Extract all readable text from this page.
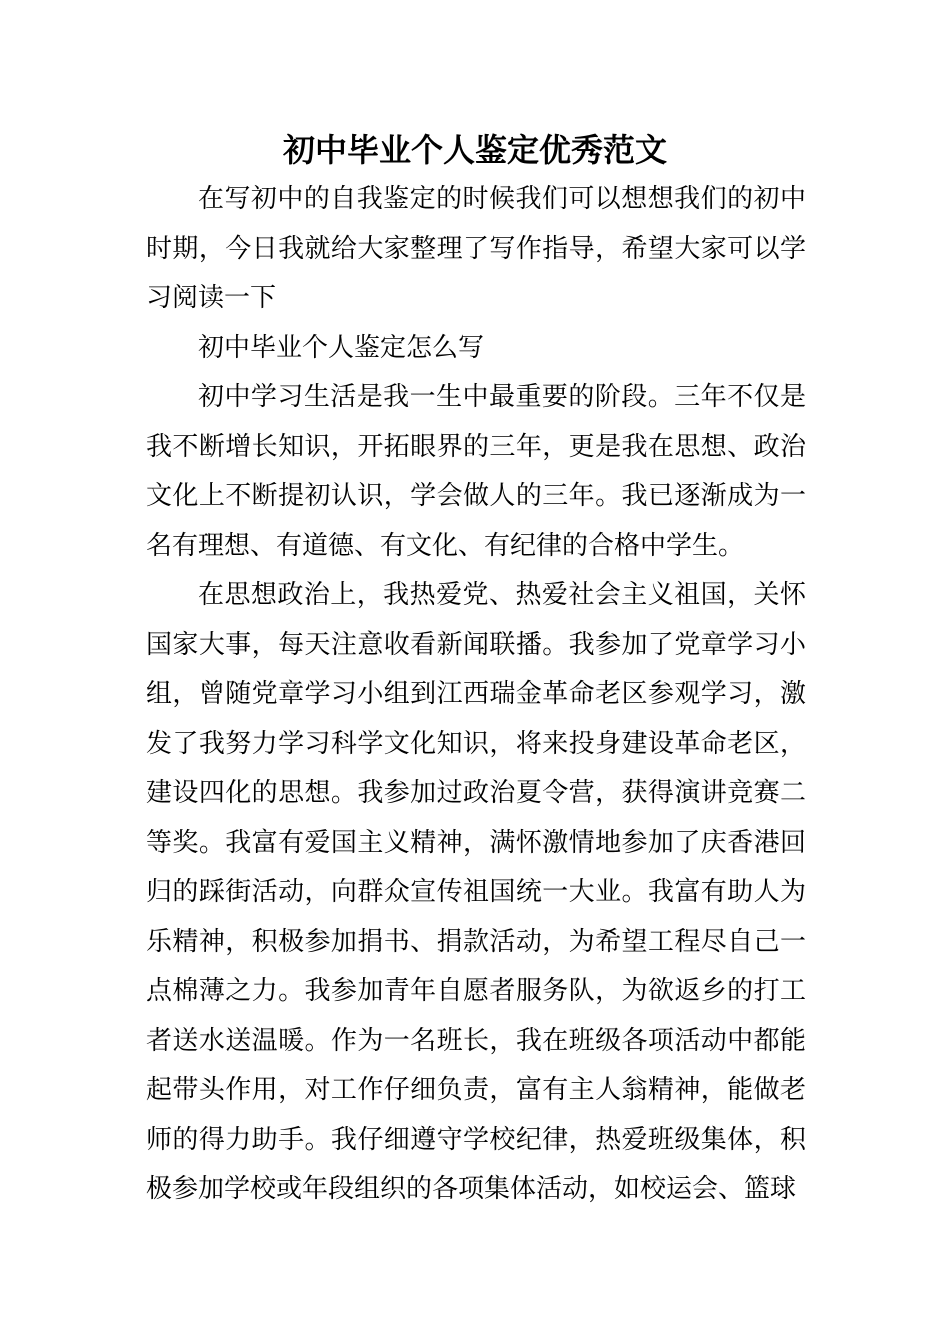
初中毕业个人鉴定优秀范文

在写初中的自我鉴定的时候我们可以想想我们的初中时期，今日我就给大家整理了写作指导，希望大家可以学习阅读一下

初中毕业个人鉴定怎么写

初中学习生活是我一生中最重要的阶段。三年不仅是我不断增长知识，开拓眼界的三年，更是我在思想、政治文化上不断提初认识，学会做人的三年。我已逐渐成为一名有理想、有道德、有文化、有纪律的合格中学生。

在思想政治上，我热爱党、热爱社会主义祖国，关怀国家大事，每天注意收看新闻联播。我参加了党章学习小组，曾随党章学习小组到江西瑞金革命老区参观学习，激发了我努力学习科学文化知识，将来投身建设革命老区，建设四化的思想。我参加过政治夏令营，获得演讲竞赛二等奖。我富有爱国主义精神，满怀激情地参加了庆香港回归的踩街活动，向群众宣传祖国统一大业。我富有助人为乐精神，积极参加捐书、捐款活动，为希望工程尽自己一点棉薄之力。我参加青年自愿者服务队，为欲返乡的打工者送水送温暖。作为一名班长，我在班级各项活动中都能起带头作用，对工作仔细负责，富有主人翁精神，能做老师的得力助手。我仔细遵守学校纪律，热爱班级集体，积极参加学校或年段组织的各项集体活动，如校运会、篮球
